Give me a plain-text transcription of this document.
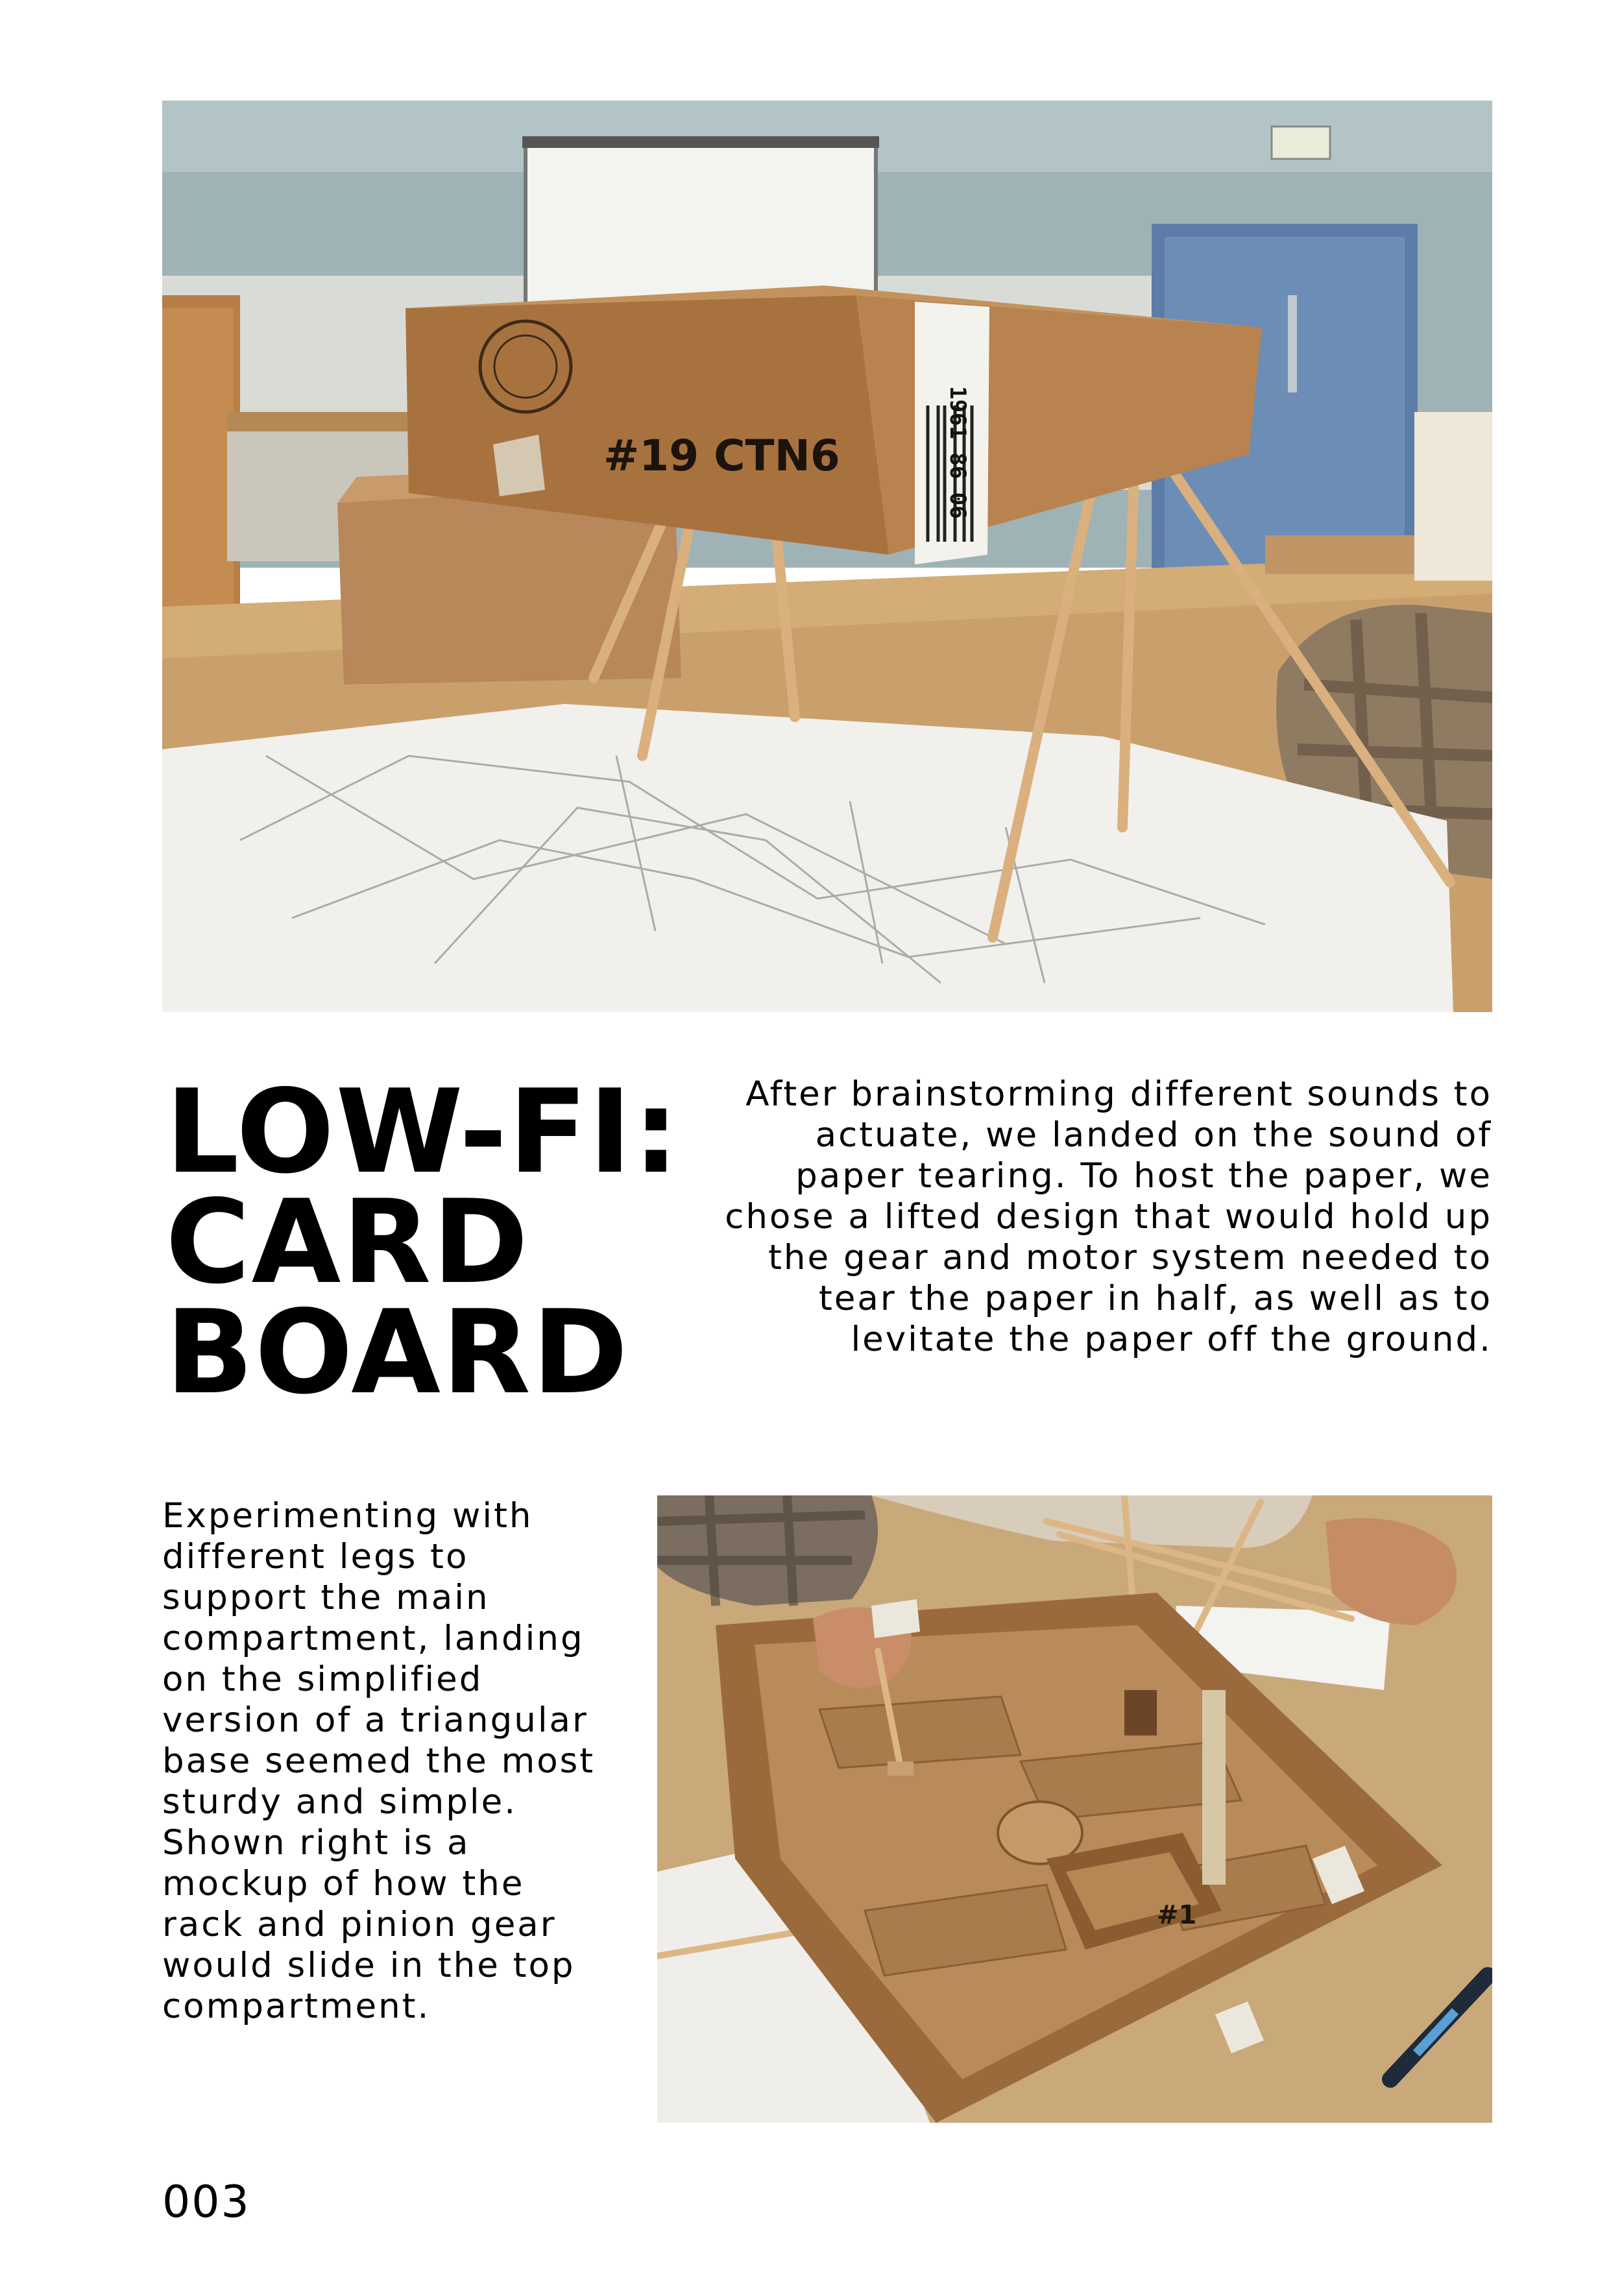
1961 86 06
#19 CTN6
LOW-FI:
CARD
BOARD

After brainstorming different sounds to actuate, we landed on the sound of paper tearing. To host the paper, we chose a lifted design that would hold up the gear and motor system needed to tear the paper in half, as well as to levitate the paper off the ground.

Experimenting with different legs to support the main compartment, landing on the simplified version of a triangular base seemed the most sturdy and simple. Shown right is a mockup of how the rack and pinion gear would slide in the top compartment.

#1

003
